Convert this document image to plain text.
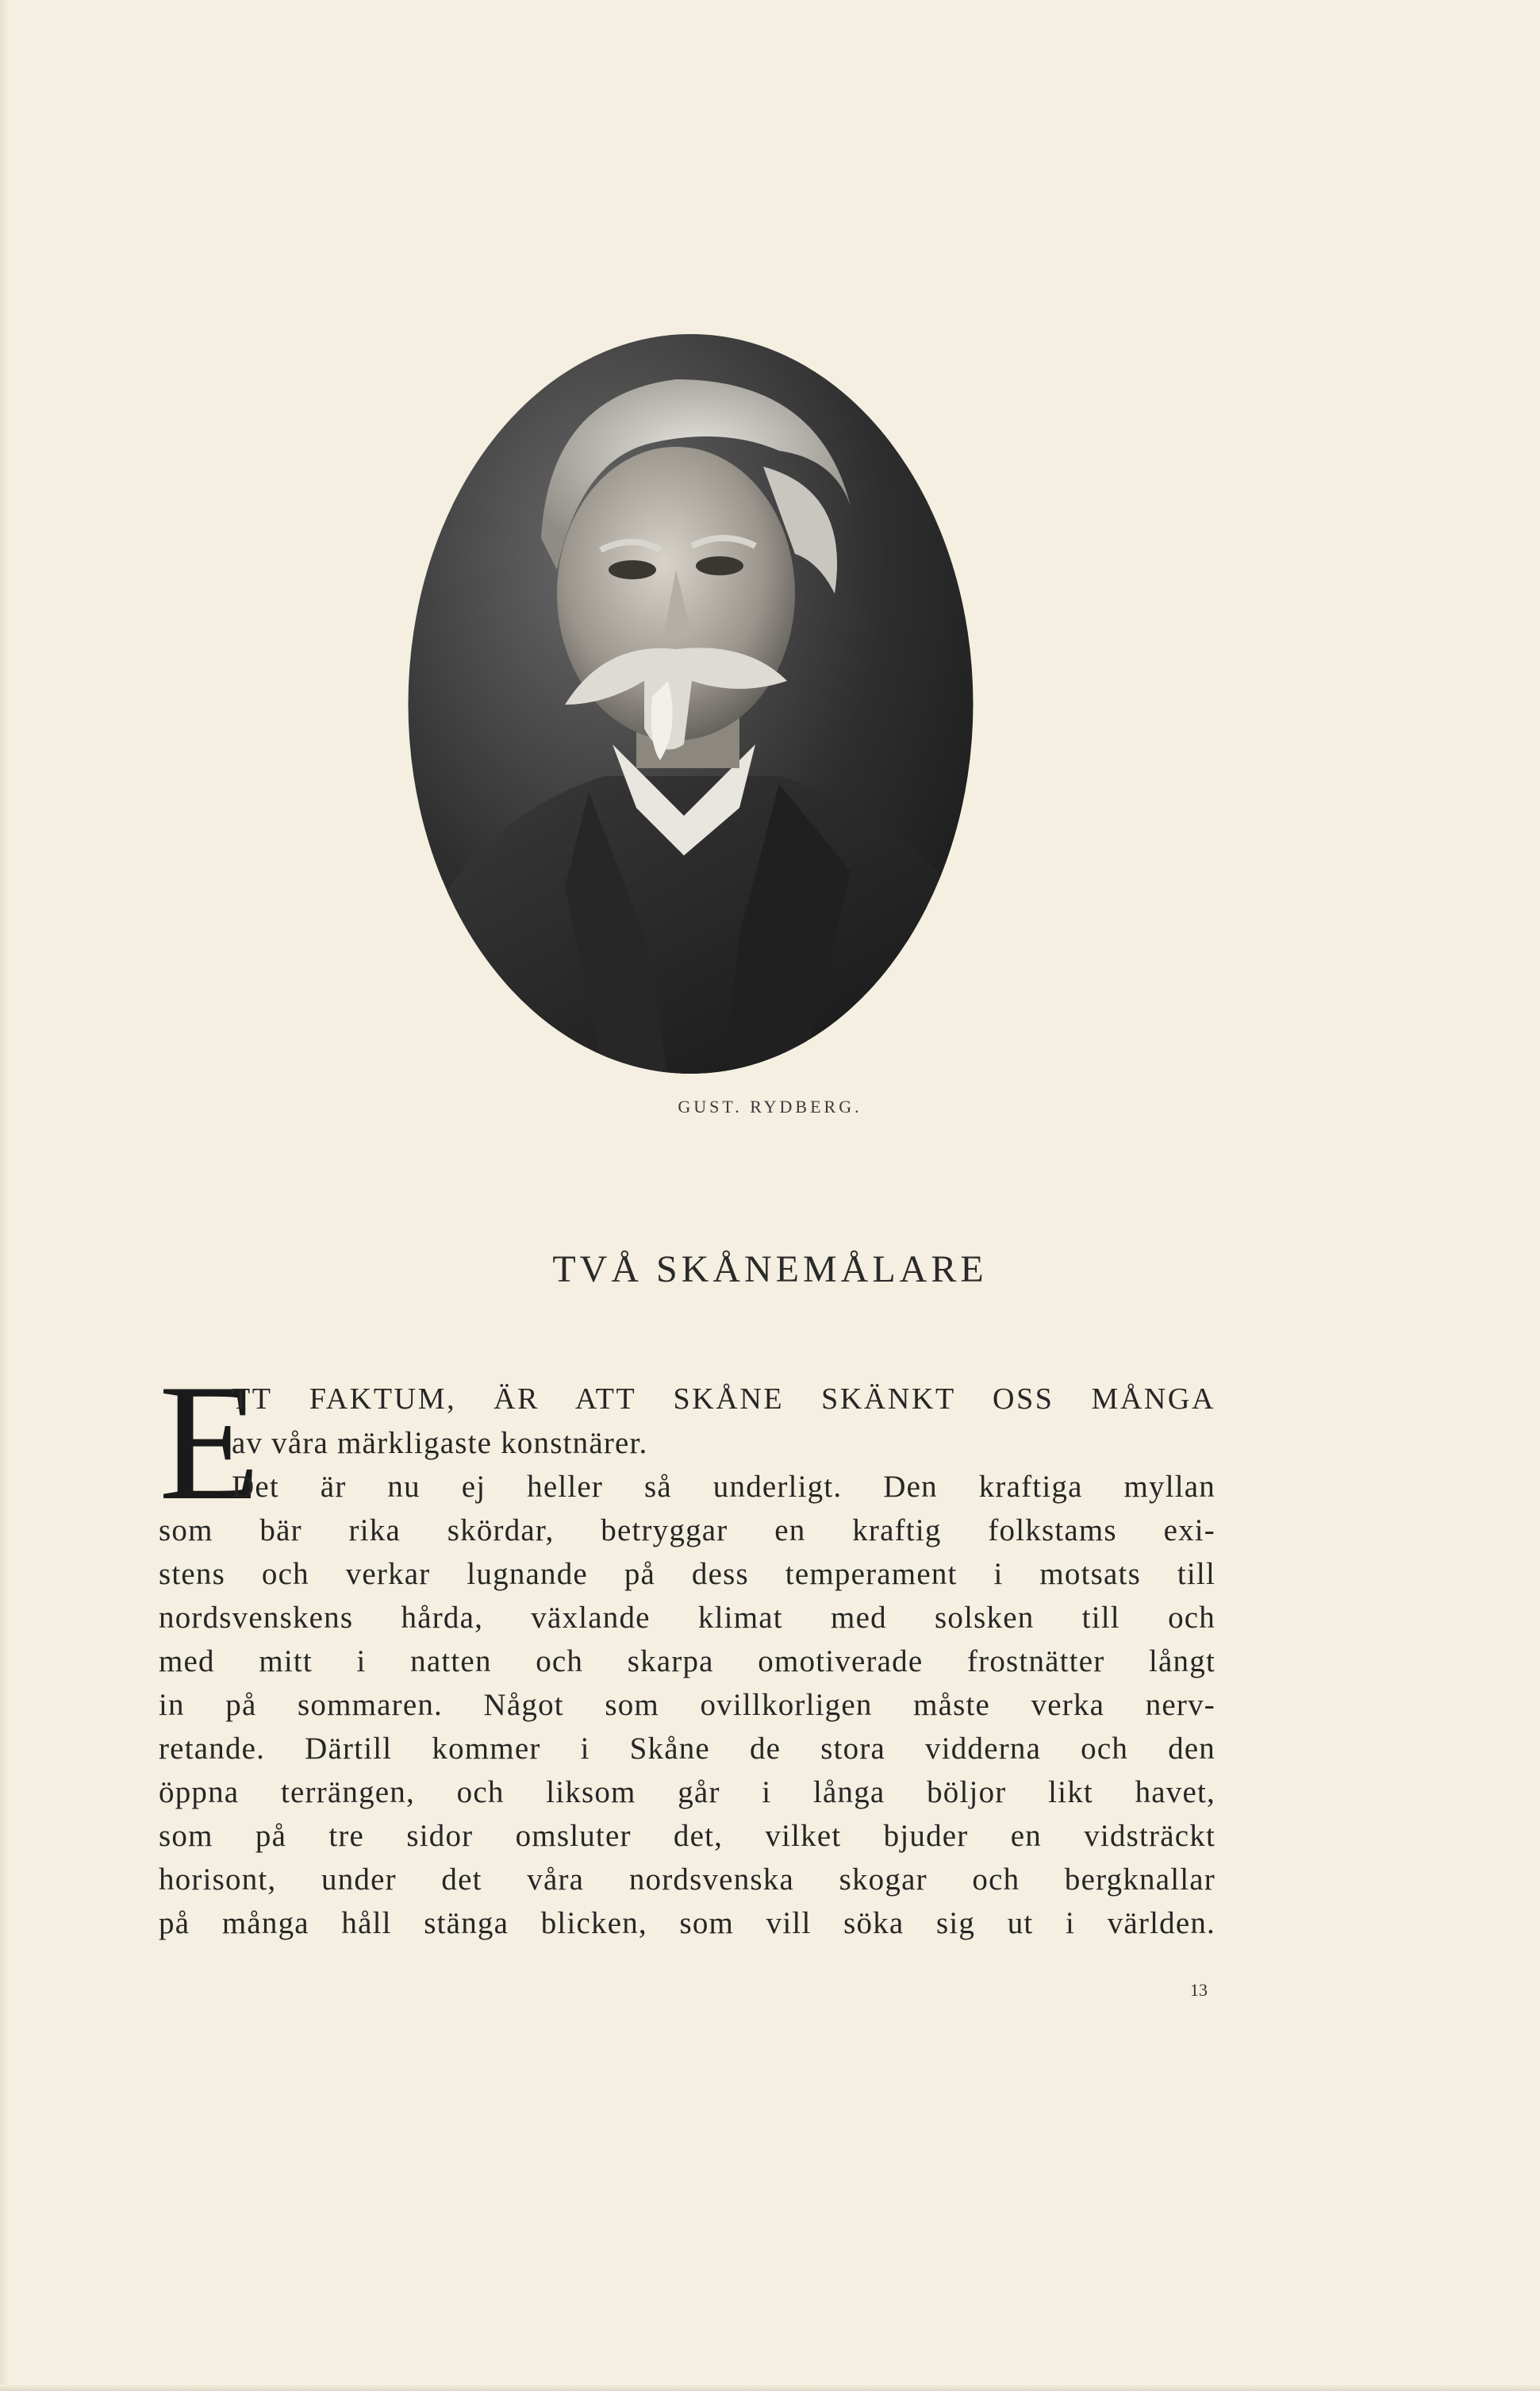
GUST. RYDBERG.
TVÅ SKÅNEMÅLARE
E
TT FAKTUM, ÄR ATT SKÅNE SKÄNKT OSS MÅNGA
av våra märkligaste konstnärer.
Det är nu ej heller så underligt. Den kraftiga myllan
som bär rika skördar, betryggar en kraftig folkstams exi-
stens och verkar lugnande på dess temperament i motsats till
nordsvenskens hårda, växlande klimat med solsken till och
med mitt i natten och skarpa omotiverade frostnätter långt
in på sommaren. Något som ovillkorligen måste verka nerv-
retande. Därtill kommer i Skåne de stora vidderna och den
öppna terrängen, och liksom går i långa böljor likt havet,
som på tre sidor omsluter det, vilket bjuder en vidsträckt
horisont, under det våra nordsvenska skogar och bergknallar
på många håll stänga blicken, som vill söka sig ut i världen.
13
